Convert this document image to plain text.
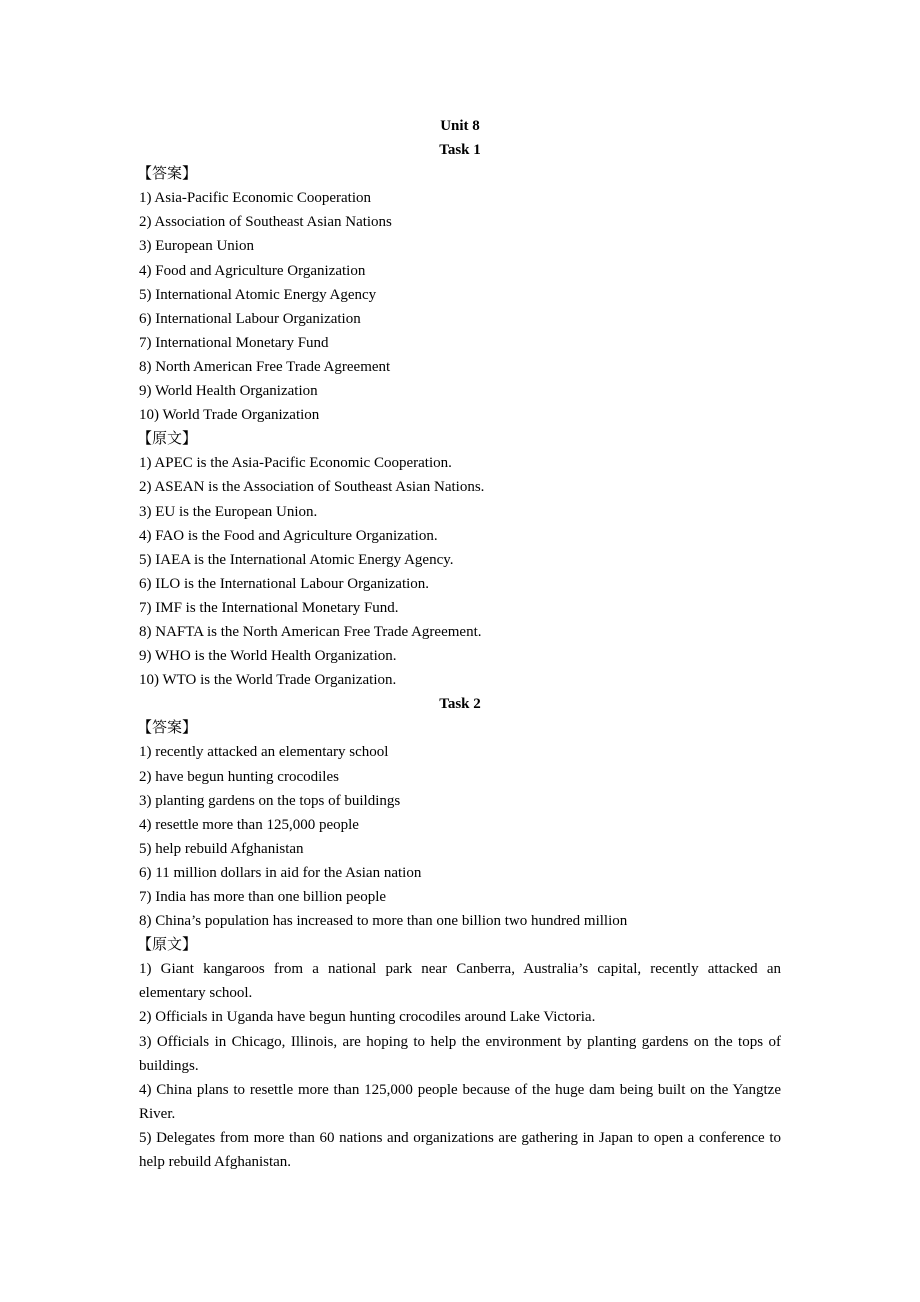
Unit 8
Task 1
【答案】
1) Asia-Pacific Economic Cooperation
2) Association of Southeast Asian Nations
3) European Union
4) Food and Agriculture Organization
5) International Atomic Energy Agency
6) International Labour Organization
7) International Monetary Fund
8) North American Free Trade Agreement
9) World Health Organization
10) World Trade Organization
【原文】
1) APEC is the Asia-Pacific Economic Cooperation.
2) ASEAN is the Association of Southeast Asian Nations.
3) EU is the European Union.
4) FAO is the Food and Agriculture Organization.
5) IAEA is the International Atomic Energy Agency.
6) ILO is the International Labour Organization.
7) IMF is the International Monetary Fund.
8) NAFTA is the North American Free Trade Agreement.
9) WHO is the World Health Organization.
10) WTO is the World Trade Organization.
Task 2
【答案】
1) recently attacked an elementary school
2) have begun hunting crocodiles
3) planting gardens on the tops of buildings
4) resettle more than 125,000 people
5) help rebuild Afghanistan
6) 11 million dollars in aid for the Asian nation
7) India has more than one billion people
8) China’s population has increased to more than one billion two hundred million
【原文】
1) Giant kangaroos from a national park near Canberra, Australia’s capital, recently attacked an elementary school.
2) Officials in Uganda have begun hunting crocodiles around Lake Victoria.
3) Officials in Chicago, Illinois, are hoping to help the environment by planting gardens on the tops of buildings.
4) China plans to resettle more than 125,000 people because of the huge dam being built on the Yangtze River.
5) Delegates from more than 60 nations and organizations are gathering in Japan to open a conference to help rebuild Afghanistan.
